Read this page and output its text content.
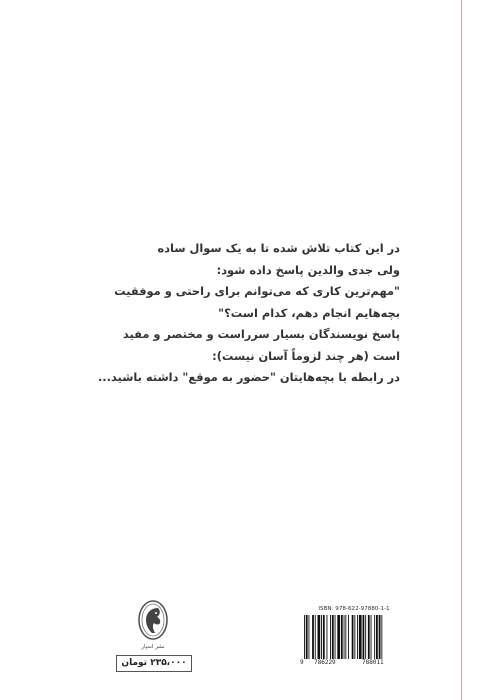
در این کتاب تلاش شده تا به یک سوال ساده
ولی جدی والدین پاسخ داده شود:
"مهم‌ترین کاری که می‌توانم برای راحتی و موفقیت
بچه‌هایم انجام دهم، کدام است؟"
پاسخ نویسندگان بسیار سرراست و مختصر و مفید
است (هر چند لزوماً آسان نیست):
در رابطه با بچه‌هایتان "حضور به موقع" داشته باشید...
نشر اسپار
۲۳۵،۰۰۰ تومان
ISBN: 978-622-97880-1-1
9 786229	788011
